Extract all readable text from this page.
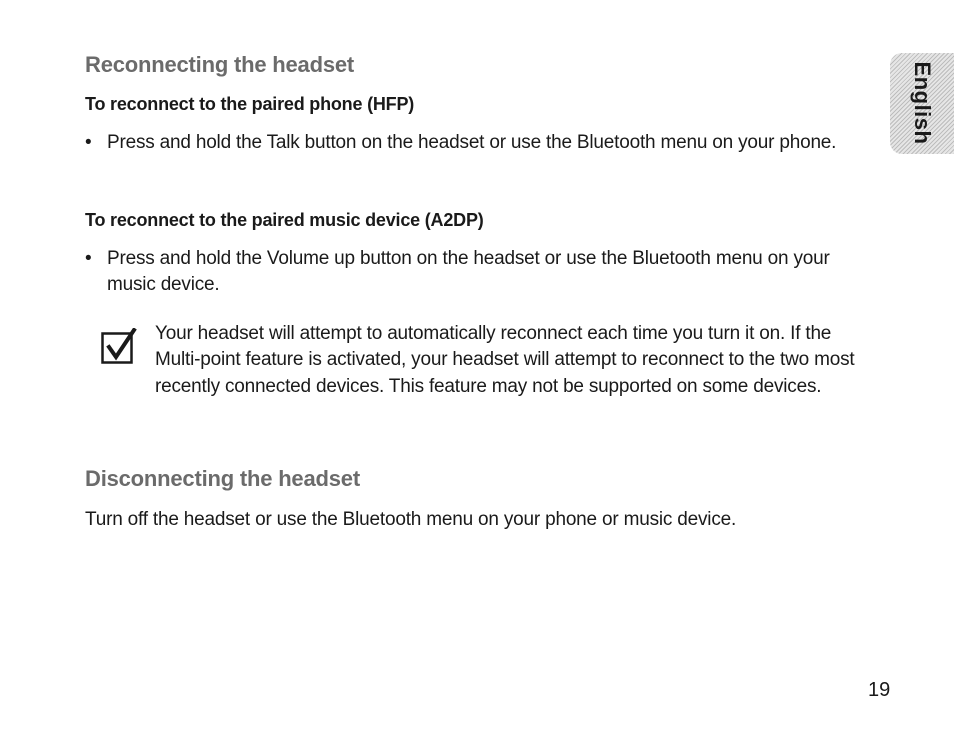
Reconnecting the headset
To reconnect to the paired phone (HFP)
• Press and hold the Talk button on the headset or use the Bluetooth menu on your phone.
To reconnect to the paired music device (A2DP)
• Press and hold the Volume up button on the headset or use the Bluetooth menu on your music device.
Your headset will attempt to automatically reconnect each time you turn it on. If the Multi-point feature is activated, your headset will attempt to reconnect to the two most recently connected devices. This feature may not be supported on some devices.
Disconnecting the headset
Turn off the headset or use the Bluetooth menu on your phone or music device.
English
19
